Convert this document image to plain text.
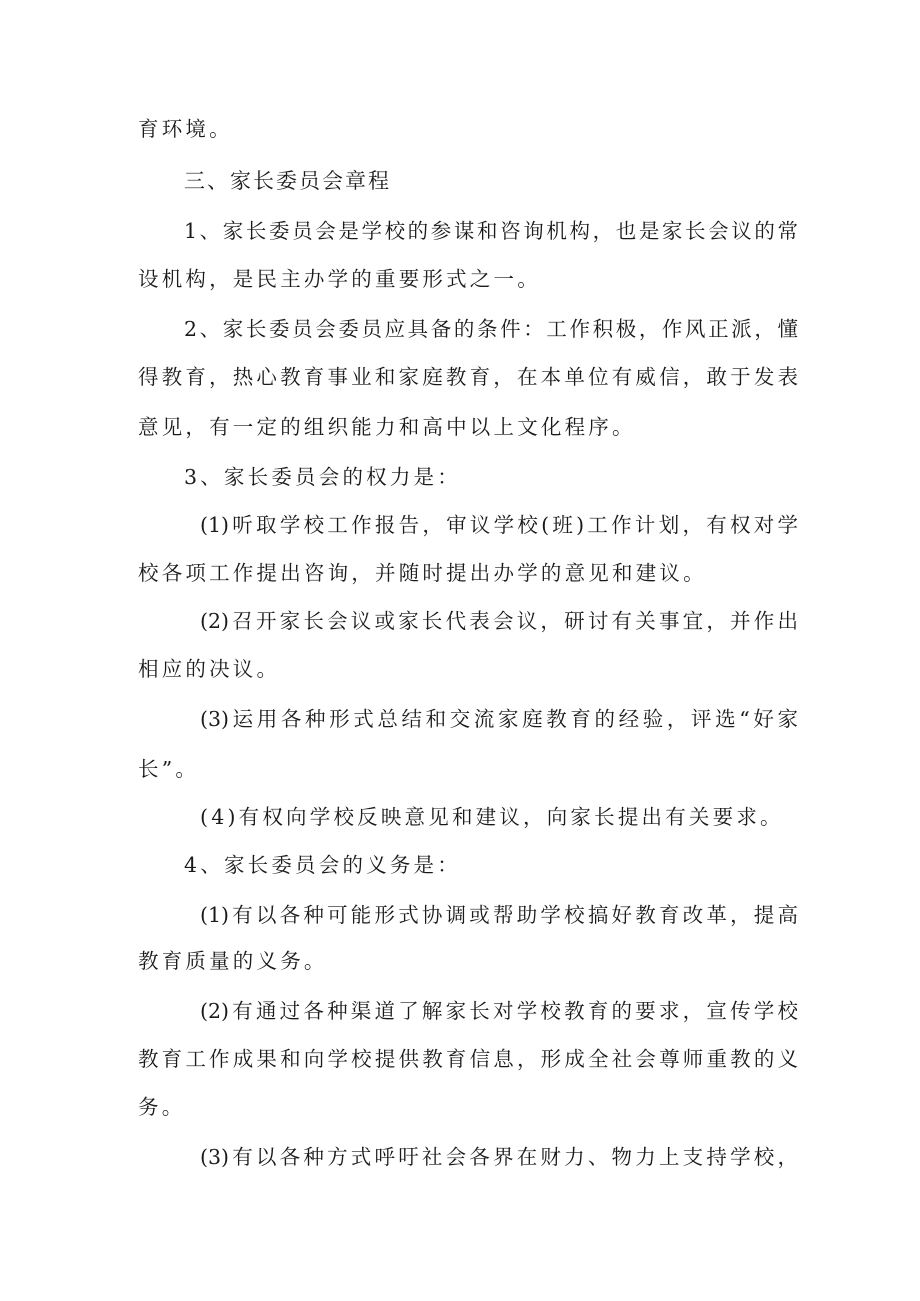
育环境。
三、家长委员会章程
1、家长委员会是学校的参谋和咨询机构，也是家长会议的常
设机构，是民主办学的重要形式之一。
2、家长委员会委员应具备的条件：工作积极，作风正派，懂
得教育，热心教育事业和家庭教育，在本单位有威信，敢于发表
意见，有一定的组织能力和高中以上文化程序。
3、家长委员会的权力是：
(1)听取学校工作报告，审议学校(班)工作计划，有权对学
校各项工作提出咨询，并随时提出办学的意见和建议。
(2)召开家长会议或家长代表会议，研讨有关事宜，并作出
相应的决议。
(3)运用各种形式总结和交流家庭教育的经验，评选“好家
长”。
(4)有权向学校反映意见和建议，向家长提出有关要求。
4、家长委员会的义务是：
(1)有以各种可能形式协调或帮助学校搞好教育改革，提高
教育质量的义务。
(2)有通过各种渠道了解家长对学校教育的要求，宣传学校
教育工作成果和向学校提供教育信息，形成全社会尊师重教的义
务。
(3)有以各种方式呼吁社会各界在财力、物力上支持学校，
